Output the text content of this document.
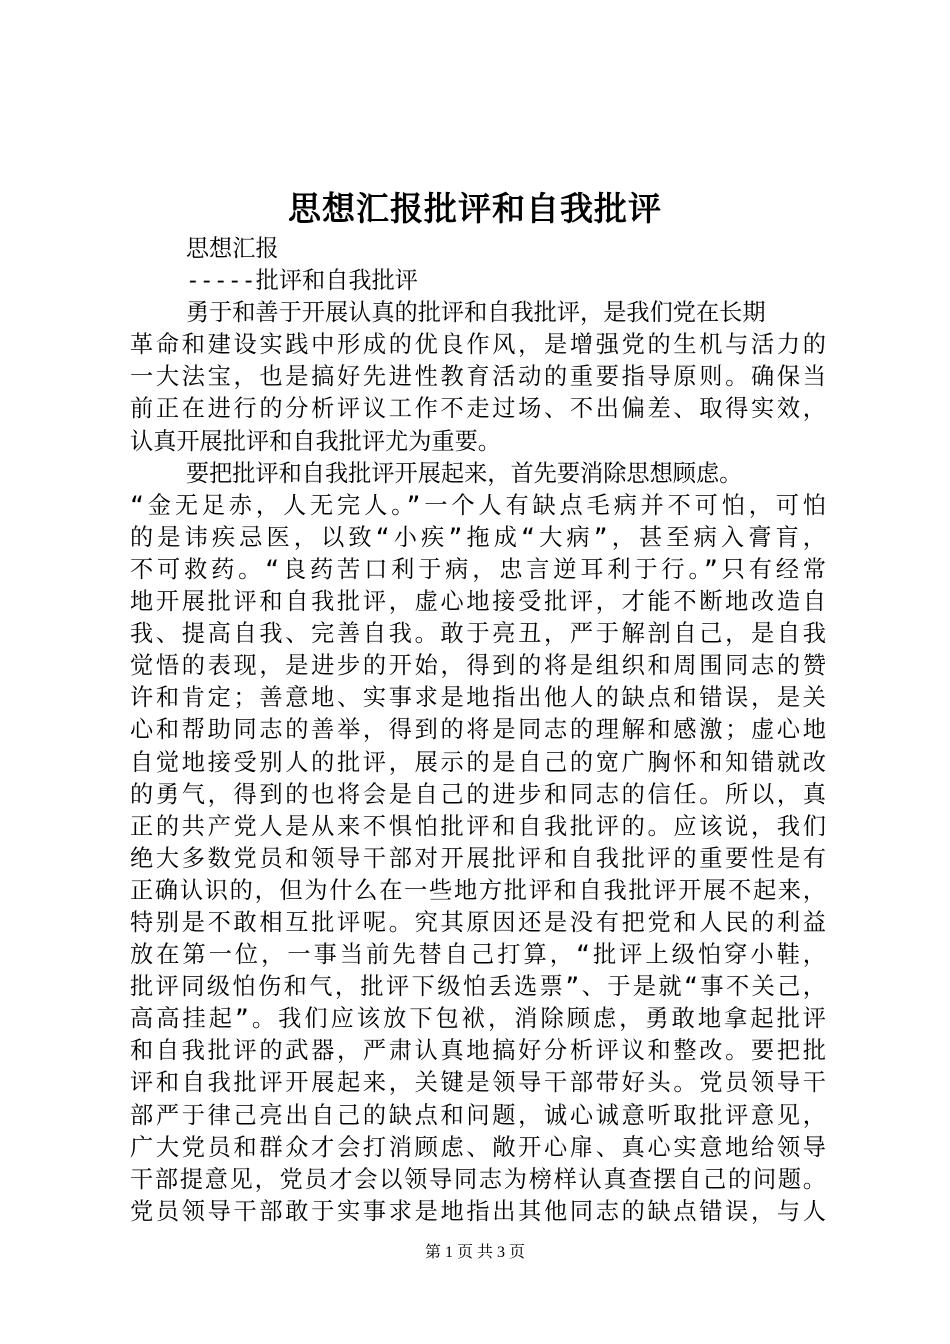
思想汇报批评和自我批评
思想汇报
-----批评和自我批评
勇于和善于开展认真的批评和自我批评，是我们党在长期
革命和建设实践中形成的优良作风，是增强党的生机与活力的
一大法宝，也是搞好先进性教育活动的重要指导原则。确保当
前正在进行的分析评议工作不走过场、不出偏差、取得实效，
认真开展批评和自我批评尤为重要。
要把批评和自我批评开展起来，首先要消除思想顾虑。
“金无足赤，人无完人。”一个人有缺点毛病并不可怕，可怕
的是讳疾忌医，以致“小疾”拖成“大病”，甚至病入膏肓，
不可救药。“良药苦口利于病，忠言逆耳利于行。”只有经常
地开展批评和自我批评，虚心地接受批评，才能不断地改造自
我、提高自我、完善自我。敢于亮丑，严于解剖自己，是自我
觉悟的表现，是进步的开始，得到的将是组织和周围同志的赞
许和肯定；善意地、实事求是地指出他人的缺点和错误，是关
心和帮助同志的善举，得到的将是同志的理解和感激；虚心地
自觉地接受别人的批评，展示的是自己的宽广胸怀和知错就改
的勇气，得到的也将会是自己的进步和同志的信任。所以，真
正的共产党人是从来不惧怕批评和自我批评的。应该说，我们
绝大多数党员和领导干部对开展批评和自我批评的重要性是有
正确认识的，但为什么在一些地方批评和自我批评开展不起来，
特别是不敢相互批评呢。究其原因还是没有把党和人民的利益
放在第一位，一事当前先替自己打算，“批评上级怕穿小鞋，
批评同级怕伤和气，批评下级怕丢选票”、于是就“事不关己，
高高挂起”。我们应该放下包袱，消除顾虑，勇敢地拿起批评
和自我批评的武器，严肃认真地搞好分析评议和整改。要把批
评和自我批评开展起来，关键是领导干部带好头。党员领导干
部严于律己亮出自己的缺点和问题，诚心诚意听取批评意见，
广大党员和群众才会打消顾虑、敞开心扉、真心实意地给领导
干部提意见，党员才会以领导同志为榜样认真查摆自己的问题。
党员领导干部敢于实事求是地指出其他同志的缺点错误，与人
第 1 页 共 3 页
